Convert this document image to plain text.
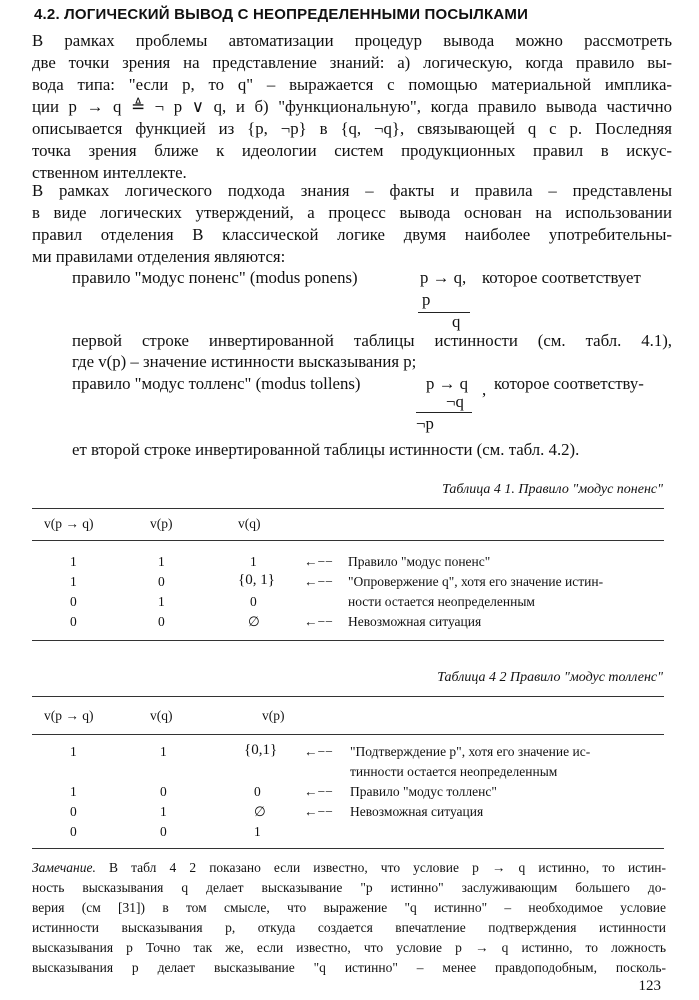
4.2. ЛОГИЧЕСКИЙ ВЫВОД С НЕОПРЕДЕЛЕННЫМИ ПОСЫЛКАМИ
В рамках проблемы автоматизации процедур вывода можно рассмотреть
две точки зрения на представление знаний: а) логическую, когда правило вы-
вода типа: "если р, то q" – выражается с помощью материальной импликa-
ции p → q ≜ ¬ p ∨ q, и б) "функциональную", когда правило вывода частично
описывается функцией из {p, ¬p} в {q, ¬q}, связывающей q с р. Последняя
точка зрения ближе к идеологии систем продукционных правил в искус-
ственном интеллекте.
В рамках логического подхода знания – факты и правила – представлены
в виде логических утверждений, а процесс вывода основан на использовании
правил отделения В классической логике двумя наиболее употребительны-
ми правилами отделения являются:
правило "модус поненс" (modus ponens)	p → q, которое соответствует
p
q
первой строке инвертированной таблицы истинности (см. табл. 4.1),
где v(p) – значение истинности высказывания р;
правило "модус толленс" (modus tollens)	p → q , которое соответству-
¬q
¬p
ет второй строке инвертированной таблицы истинности (см. табл. 4.2).
Таблица 4 1. Правило "модус поненс"
v(p → q)	v(p)	v(q)
1	1	1	←−− Правило "модус поненс"
1	0	{0, 1} ←−− "Опровержение q", хотя его значение истин-
0	1	0	ности остается неопределенным
0	0	∅	←−− Невозможная ситуация
Таблица 4 2 Правило "модус толленс"
v(p → q)	v(q)	v(p)
1	1	{0,1} ←−− "Подтверждение р", хотя его значение ис-
тинности остается неопределенным
1	0	0	←−− Правило "модус толленс"
0	1	∅	←−− Невозможная ситуация
0	0	1
Замечание. В табл 4 2 показано если известно, что условие p → q истинно, то истин-
ность высказывания q делает высказывание "р истинно" заслуживающим большего до-
верия (см [31]) в том смысле, что выражение "q истинно" – необходимое условие
истинности высказывания р, откуда создается впечатление подтверждения истинности
высказывания р Точно так же, если известно, что условие p → q истинно, то ложность
высказывания р делает высказывание "q истинно" – менее правдоподобным, посколь-
123
